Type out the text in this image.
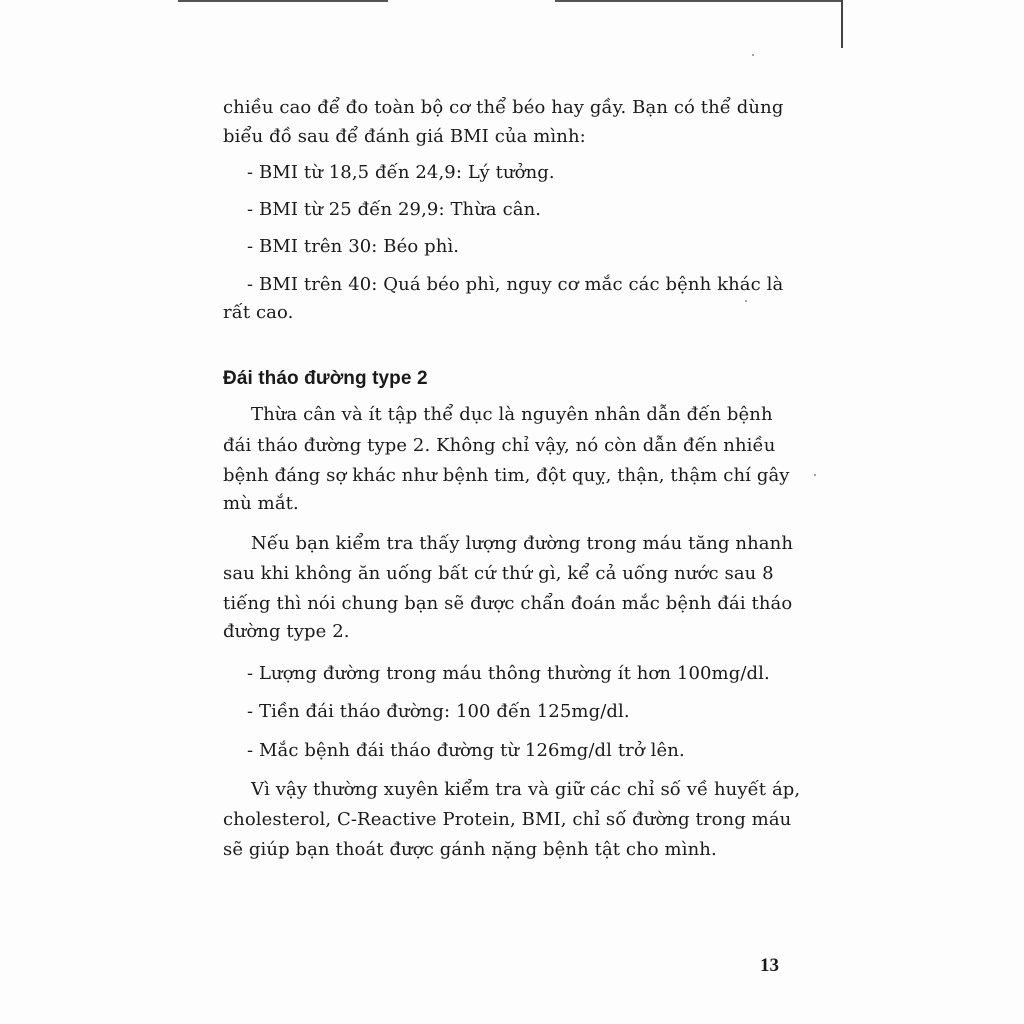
chiều cao để đo toàn bộ cơ thể béo hay gầy. Bạn có thể dùng
biểu đồ sau để đánh giá BMI của mình:
- BMI từ 18,5 đến 24,9: Lý tưởng.
- BMI từ 25 đến 29,9: Thừa cân.
- BMI trên 30: Béo phì.
- BMI trên 40: Quá béo phì, nguy cơ mắc các bệnh khác là
rất cao.
Đái tháo đường type 2
Thừa cân và ít tập thể dục là nguyên nhân dẫn đến bệnh
đái tháo đường type 2. Không chỉ vậy, nó còn dẫn đến nhiều
bệnh đáng sợ khác như bệnh tim, đột quỵ, thận, thậm chí gây
mù mắt.
Nếu bạn kiểm tra thấy lượng đường trong máu tăng nhanh
sau khi không ăn uống bất cứ thứ gì, kể cả uống nước sau 8
tiếng thì nói chung bạn sẽ được chẩn đoán mắc bệnh đái tháo
đường type 2.
- Lượng đường trong máu thông thường ít hơn 100mg/dl.
- Tiền đái tháo đường: 100 đến 125mg/dl.
- Mắc bệnh đái tháo đường từ 126mg/dl trở lên.
Vì vậy thường xuyên kiểm tra và giữ các chỉ số về huyết áp,
cholesterol, C-Reactive Protein, BMI, chỉ số đường trong máu
sẽ giúp bạn thoát được gánh nặng bệnh tật cho mình.
13
